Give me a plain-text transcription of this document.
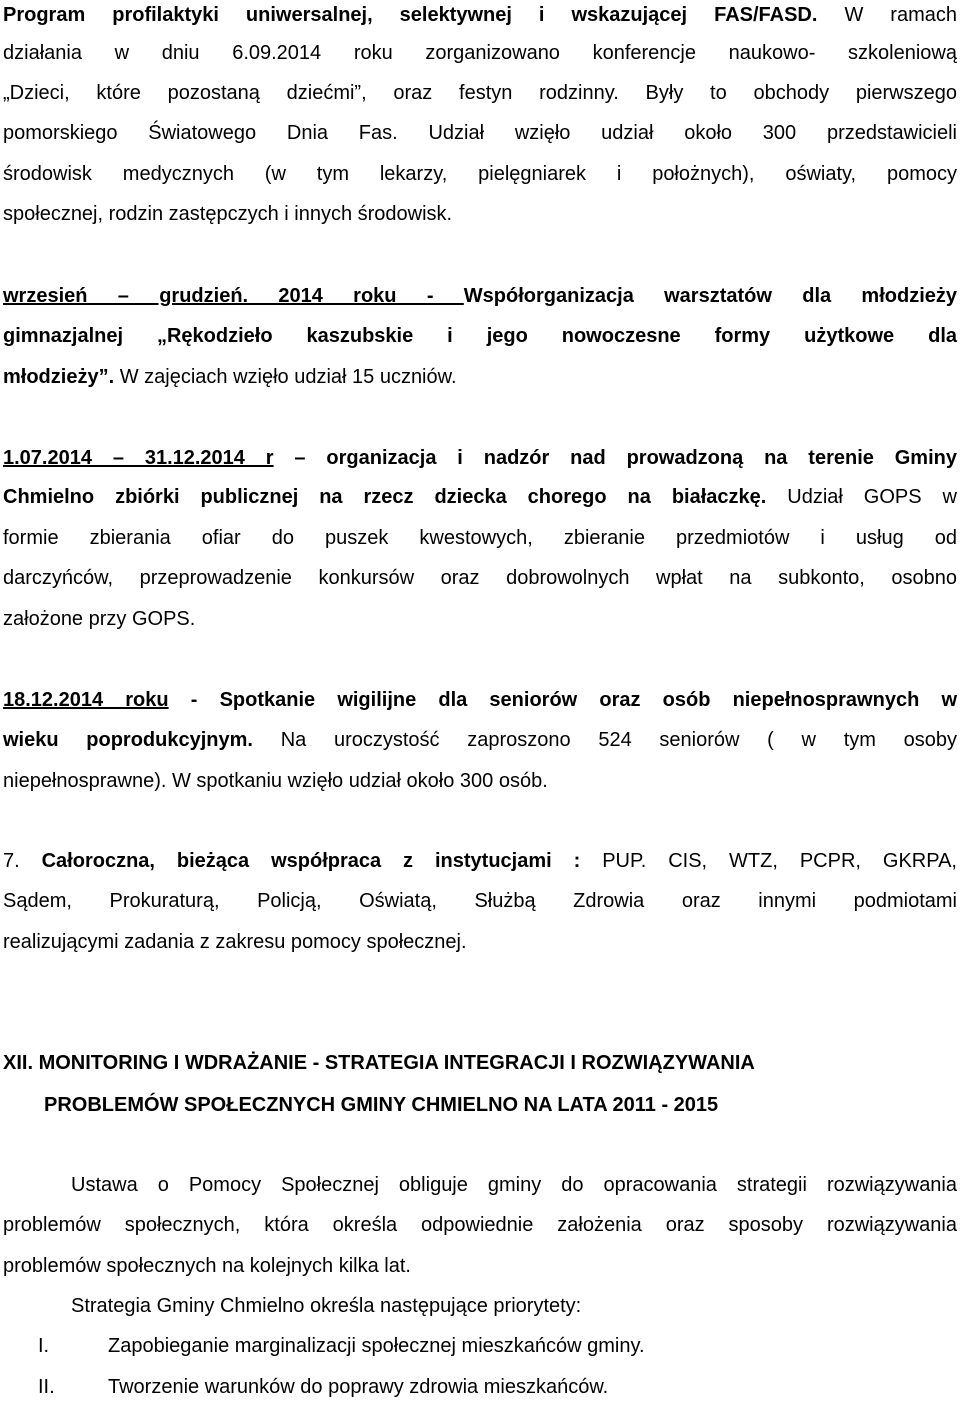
Program profilaktyki uniwersalnej, selektywnej i wskazującej FAS/FASD. W ramach
działania w dniu 6.09.2014 roku zorganizowano konferencje naukowo- szkoleniową
„Dzieci, które pozostaną dziećmi”, oraz festyn rodzinny. Były to obchody pierwszego
pomorskiego Światowego Dnia Fas. Udział wzięło udział około 300 przedstawicieli
środowisk medycznych (w tym lekarzy, pielęgniarek i położnych), oświaty, pomocy
społecznej, rodzin zastępczych i innych środowisk.
wrzesień – grudzień. 2014 roku - Współorganizacja warsztatów dla młodzieży
gimnazjalnej „Rękodzieło kaszubskie i jego nowoczesne formy użytkowe dla
młodzieży”. W zajęciach wzięło udział 15 uczniów.
1.07.2014 – 31.12.2014 r – organizacja i nadzór nad prowadzoną na terenie Gminy
Chmielno zbiórki publicznej na rzecz dziecka chorego na białaczkę. Udział GOPS w
formie zbierania ofiar do puszek kwestowych, zbieranie przedmiotów i usług od
darczyńców, przeprowadzenie konkursów oraz dobrowolnych wpłat na subkonto, osobno
założone przy GOPS.
18.12.2014 roku - Spotkanie wigilijne dla seniorów oraz osób niepełnosprawnych w
wieku poprodukcyjnym. Na uroczystość zaproszono 524 seniorów ( w tym osoby
niepełnosprawne). W spotkaniu wzięło udział około 300 osób.
7. Całoroczna, bieżąca współpraca z instytucjami : PUP. CIS, WTZ, PCPR, GKRPA,
Sądem, Prokuraturą, Policją, Oświatą, Służbą Zdrowia oraz innymi podmiotami
realizującymi zadania z zakresu pomocy społecznej.
XII. MONITORING I WDRAŻANIE - STRATEGIA INTEGRACJI I ROZWIĄZYWANIA
PROBLEMÓW SPOŁECZNYCH GMINY CHMIELNO NA LATA 2011 - 2015
Ustawa o Pomocy Społecznej obliguje gminy do opracowania strategii rozwiązywania
problemów społecznych, która określa odpowiednie założenia oraz sposoby rozwiązywania
problemów społecznych na kolejnych kilka lat.
Strategia Gminy Chmielno określa następujące priorytety:
I.	Zapobieganie marginalizacji społecznej mieszkańców gminy.
II.	Tworzenie warunków do poprawy zdrowia mieszkańców.
